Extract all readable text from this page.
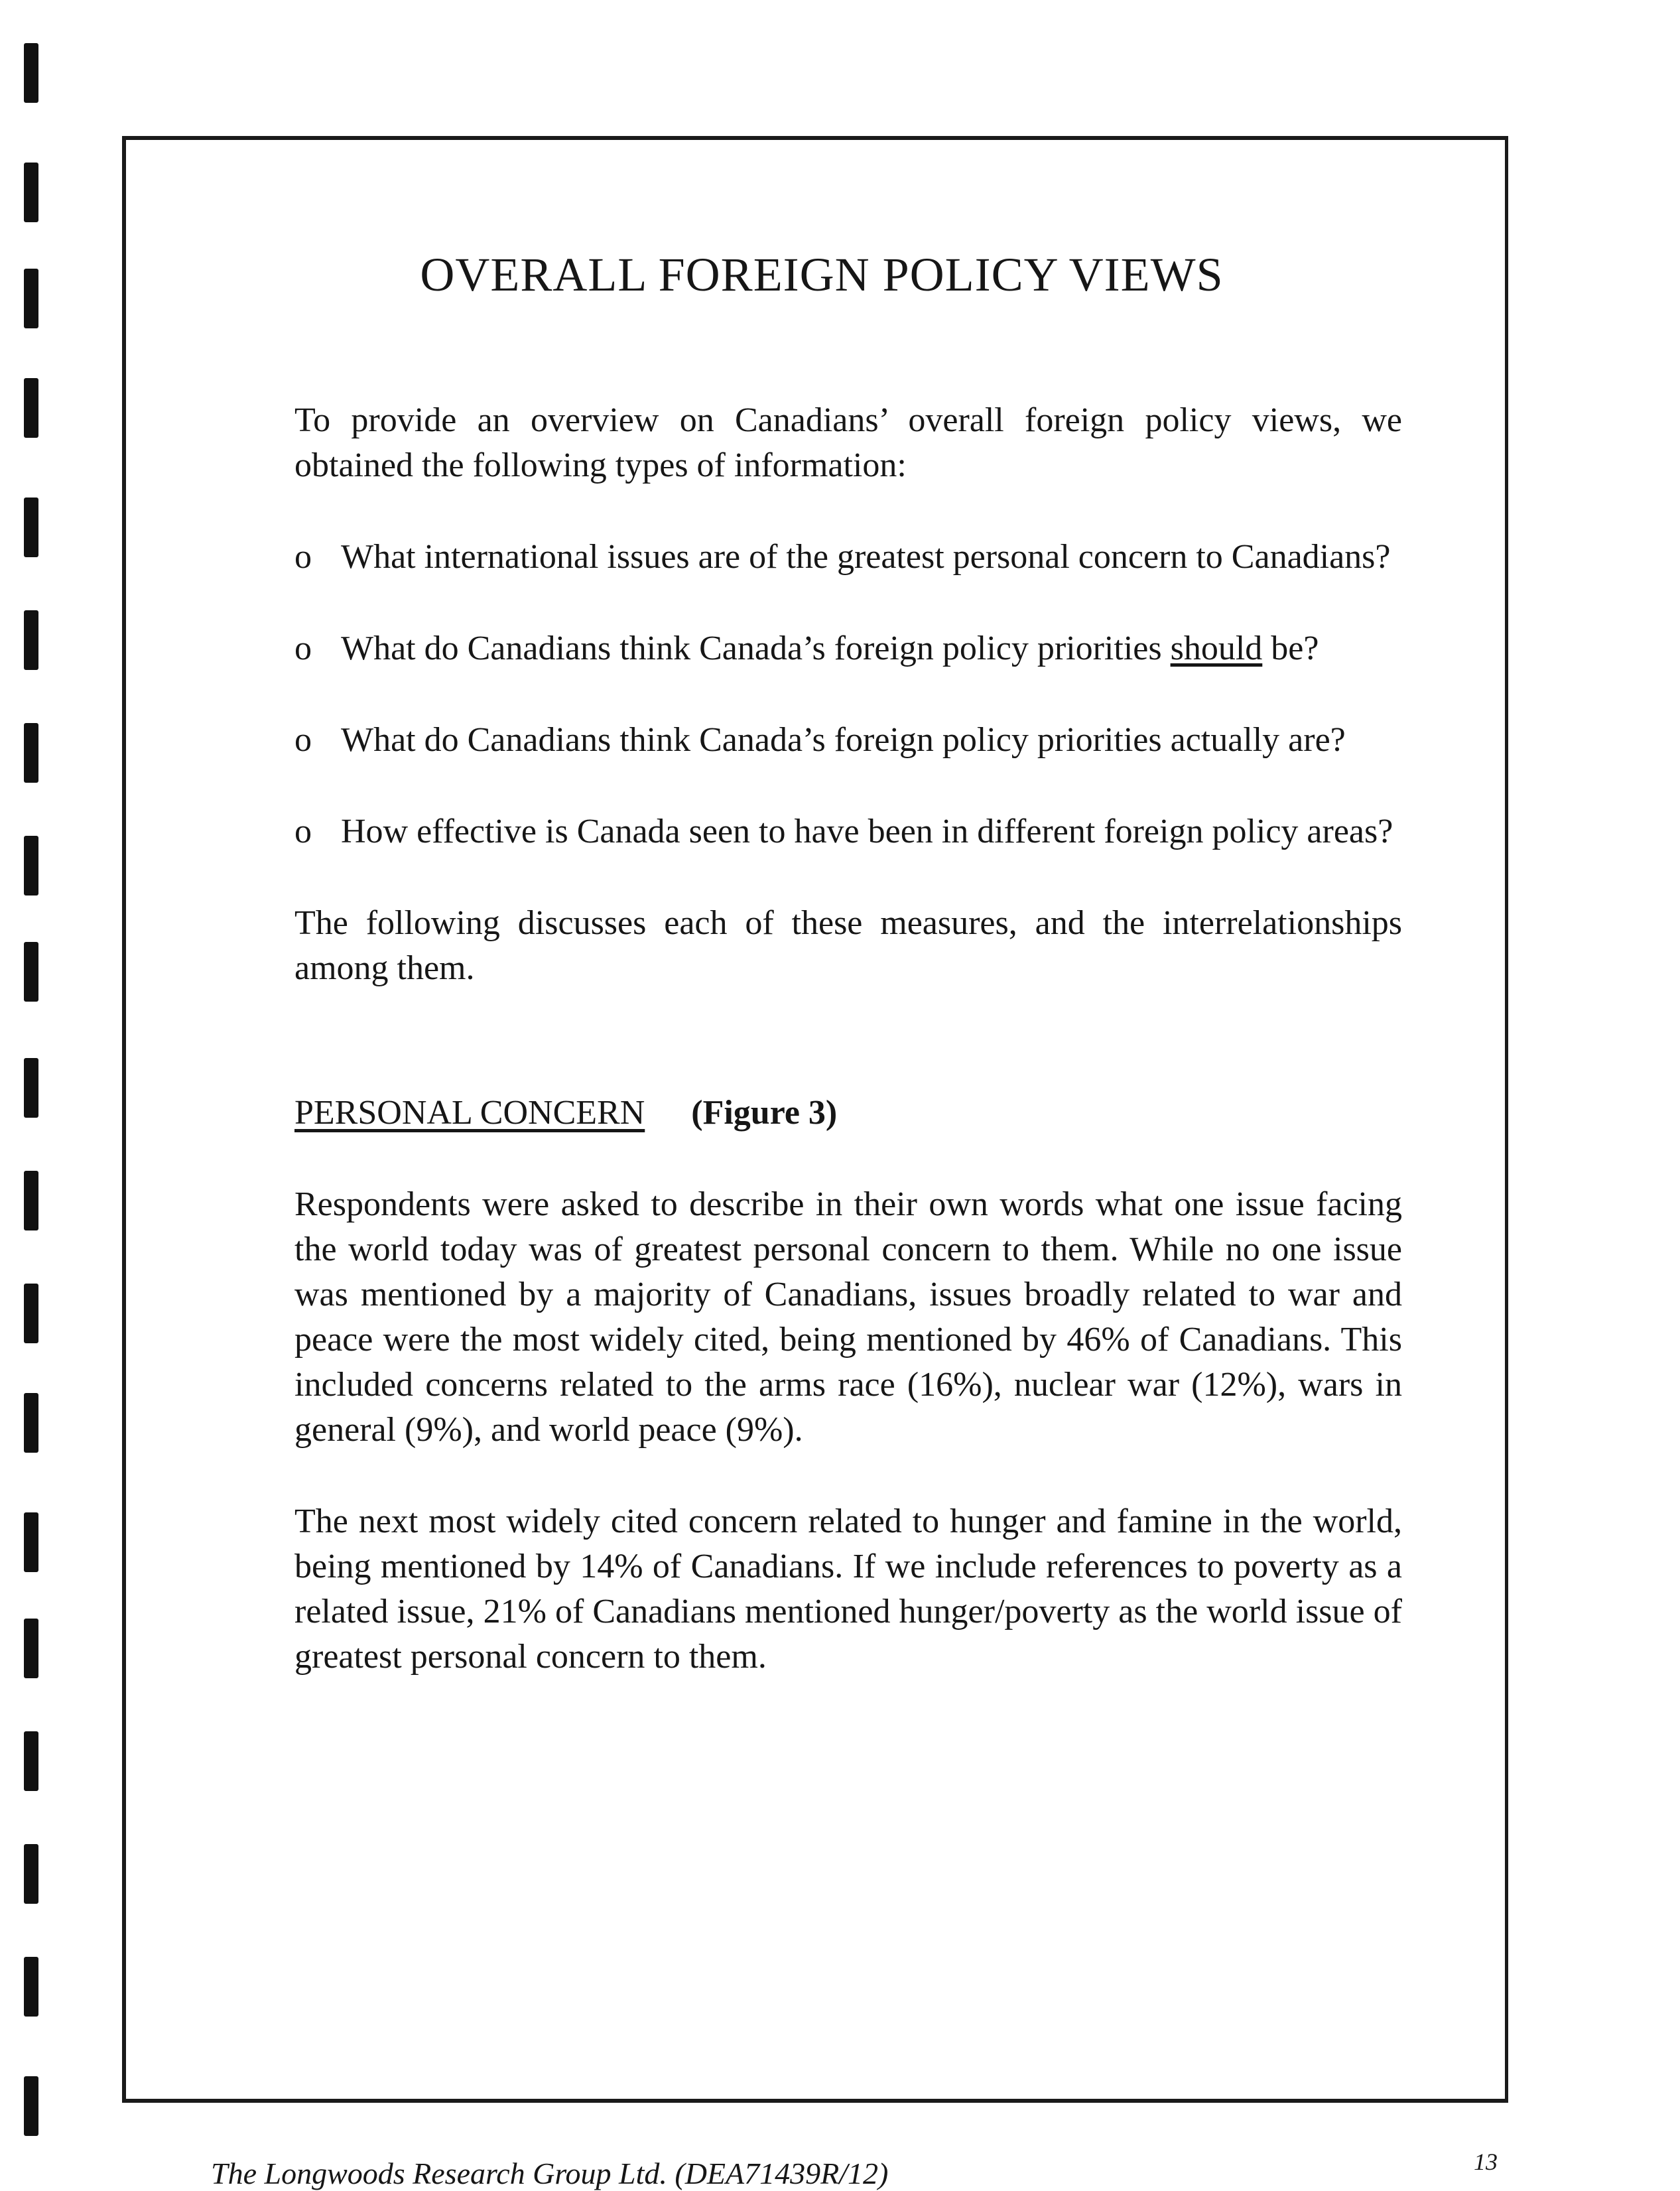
OVERALL FOREIGN POLICY VIEWS

To provide an overview on Canadians’ overall foreign policy views, we obtained the following types of information:

o What international issues are of the greatest personal concern to Canadians?
o What do Canadians think Canada’s foreign policy priorities should be?
o What do Canadians think Canada’s foreign policy priorities actually are?
o How effective is Canada seen to have been in different foreign policy areas?

The following discusses each of these measures, and the interrelationships among them.

PERSONAL CONCERN (Figure 3)

Respondents were asked to describe in their own words what one issue facing the world today was of greatest personal concern to them. While no one issue was mentioned by a majority of Canadians, issues broadly related to war and peace were the most widely cited, being mentioned by 46% of Canadians. This included concerns related to the arms race (16%), nuclear war (12%), wars in general (9%), and world peace (9%).

The next most widely cited concern related to hunger and famine in the world, being mentioned by 14% of Canadians. If we include references to poverty as a related issue, 21% of Canadians mentioned hunger/poverty as the world issue of greatest personal concern to them.

The Longwoods Research Group Ltd. (DEA71439R/12)	13
